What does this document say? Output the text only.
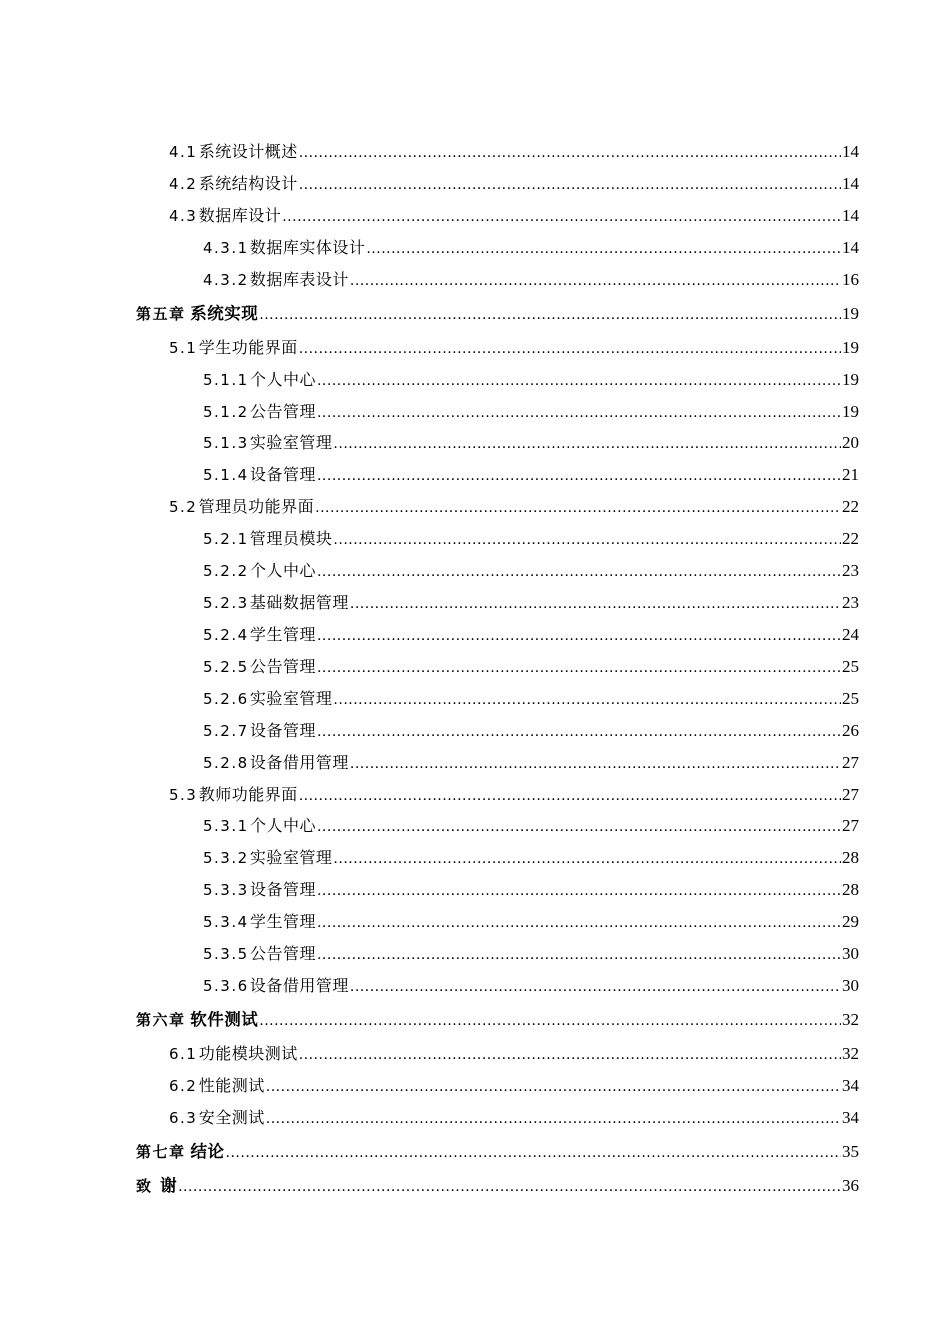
4.1 系统设计概述 .....	14
4.2 系统结构设计 .....	14
4.3 数据库设计 .....	14
4.3.1 数据库实体设计 .....	14
4.3.2 数据库表设计 .....	16
第五章 系统实现 .....	19
5.1 学生功能界面 .....	19
5.1.1 个人中心 .....	19
5.1.2 公告管理 .....	19
5.1.3 实验室管理 .....	20
5.1.4 设备管理 .....	21
5.2 管理员功能界面 .....	22
5.2.1 管理员模块 .....	22
5.2.2 个人中心 .....	23
5.2.3 基础数据管理 .....	23
5.2.4 学生管理 .....	24
5.2.5 公告管理 .....	25
5.2.6 实验室管理 .....	25
5.2.7 设备管理 .....	26
5.2.8 设备借用管理 .....	27
5.3 教师功能界面 .....	27
5.3.1 个人中心 .....	27
5.3.2 实验室管理 .....	28
5.3.3 设备管理 .....	28
5.3.4 学生管理 .....	29
5.3.5 公告管理 .....	30
5.3.6 设备借用管理 .....	30
第六章 软件测试 .....	32
6.1 功能模块测试 .....	32
6.2 性能测试 .....	34
6.3 安全测试 .....	34
第七章 结论 .....	35
致 谢 .....	36
